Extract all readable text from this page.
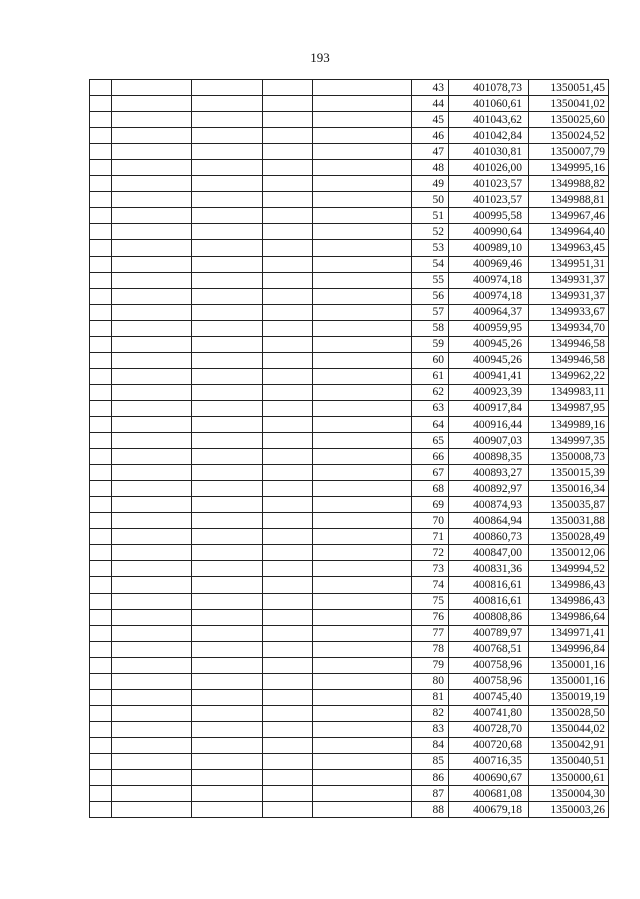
193
					43	401078,73	1350051,45
					44	401060,61	1350041,02
					45	401043,62	1350025,60
					46	401042,84	1350024,52
					47	401030,81	1350007,79
					48	401026,00	1349995,16
					49	401023,57	1349988,82
					50	401023,57	1349988,81
					51	400995,58	1349967,46
					52	400990,64	1349964,40
					53	400989,10	1349963,45
					54	400969,46	1349951,31
					55	400974,18	1349931,37
					56	400974,18	1349931,37
					57	400964,37	1349933,67
					58	400959,95	1349934,70
					59	400945,26	1349946,58
					60	400945,26	1349946,58
					61	400941,41	1349962,22
					62	400923,39	1349983,11
					63	400917,84	1349987,95
					64	400916,44	1349989,16
					65	400907,03	1349997,35
					66	400898,35	1350008,73
					67	400893,27	1350015,39
					68	400892,97	1350016,34
					69	400874,93	1350035,87
					70	400864,94	1350031,88
					71	400860,73	1350028,49
					72	400847,00	1350012,06
					73	400831,36	1349994,52
					74	400816,61	1349986,43
					75	400816,61	1349986,43
					76	400808,86	1349986,64
					77	400789,97	1349971,41
					78	400768,51	1349996,84
					79	400758,96	1350001,16
					80	400758,96	1350001,16
					81	400745,40	1350019,19
					82	400741,80	1350028,50
					83	400728,70	1350044,02
					84	400720,68	1350042,91
					85	400716,35	1350040,51
					86	400690,67	1350000,61
					87	400681,08	1350004,30
					88	400679,18	1350003,26
